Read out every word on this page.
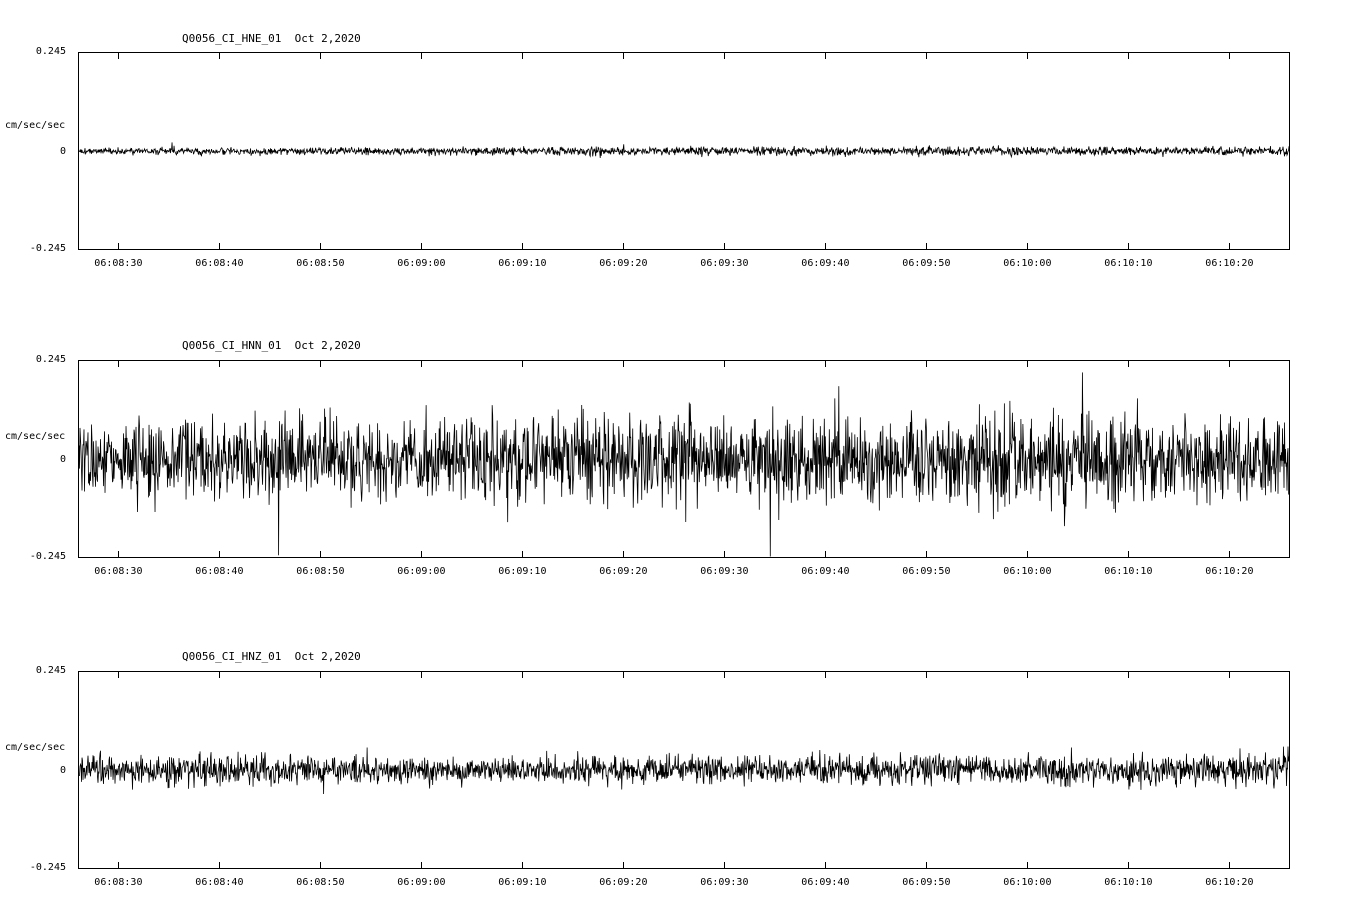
Q0056_CI_HNE_01  Oct 2,2020
cm/sec/sec
0.245
0
-0.245
06:08:30	06:08:40	06:08:50	06:09:00	06:09:10	06:09:20	06:09:30	06:09:40	06:09:50	06:10:00	06:10:10	06:10:20
Q0056_CI_HNN_01  Oct 2,2020
cm/sec/sec
0.245
0
-0.245
06:08:30	06:08:40	06:08:50	06:09:00	06:09:10	06:09:20	06:09:30	06:09:40	06:09:50	06:10:00	06:10:10	06:10:20
Q0056_CI_HNZ_01  Oct 2,2020
cm/sec/sec
0.245
0
-0.245
06:08:30	06:08:40	06:08:50	06:09:00	06:09:10	06:09:20	06:09:30	06:09:40	06:09:50	06:10:00	06:10:10	06:10:20
